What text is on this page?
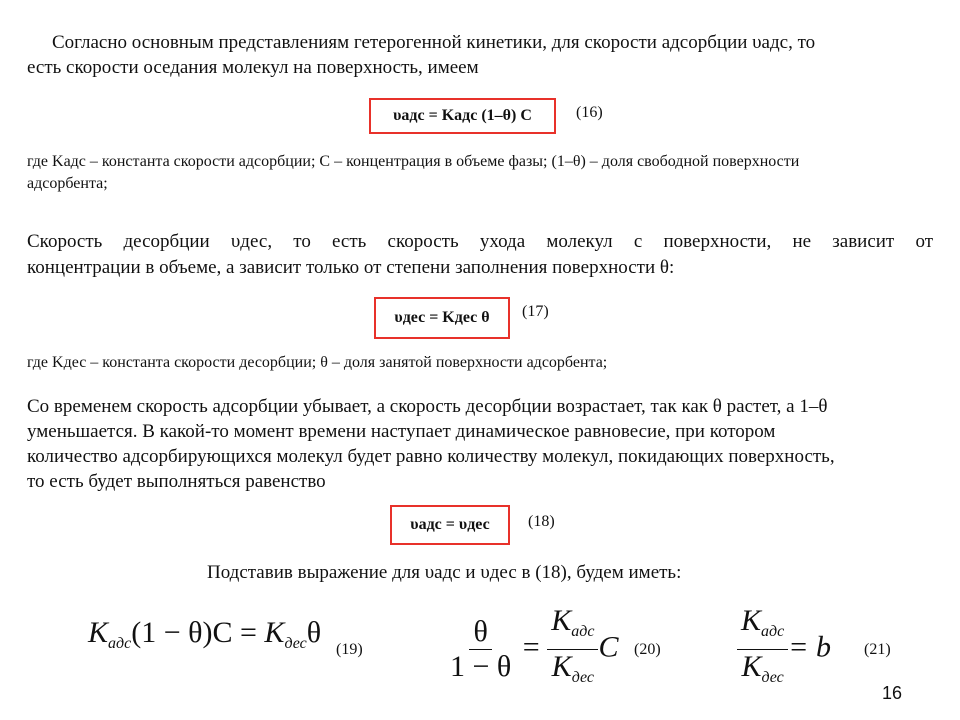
Согласно основным представлениям гетерогенной кинетики, для скорости адсорбции υадс, то
есть скорости оседания молекул на поверхность, имеем
υадс = Kадс (1–θ) C	(16)
где Kадс – константа скорости адсорбции; C – концентрация в объеме фазы; (1–θ) – доля свободной поверхности
адсорбента;
Скорость десорбции υдес, то есть скорость ухода молекул с поверхности, не зависит от
концентрации в объеме, а зависит только от степени заполнения поверхности θ:
υдес = Kдес θ (17)
где Kдес – константа скорости десорбции; θ – доля занятой поверхности адсорбента;
Со временем скорость адсорбции убывает, а скорость десорбции возрастает, так как θ растет, а 1–θ
уменьшается. В какой-то момент времени наступает динамическое равновесие, при котором
количество адсорбирующихся молекул будет равно количеству молекул, покидающих поверхность,
то есть будет выполняться равенство
υадс = υдес (18)
Подставив выражение для υадс и υдес в (18), будем иметь:
$K_{адс}(1 - \theta)C = K_{дес}\theta$
(19)	$\frac{\theta}{1 - \theta} = \frac{K_{адс}}{K_{дес}}$ C (20)	$\frac{K_{адс}}{K_{дес}} = b$ (21)
16
